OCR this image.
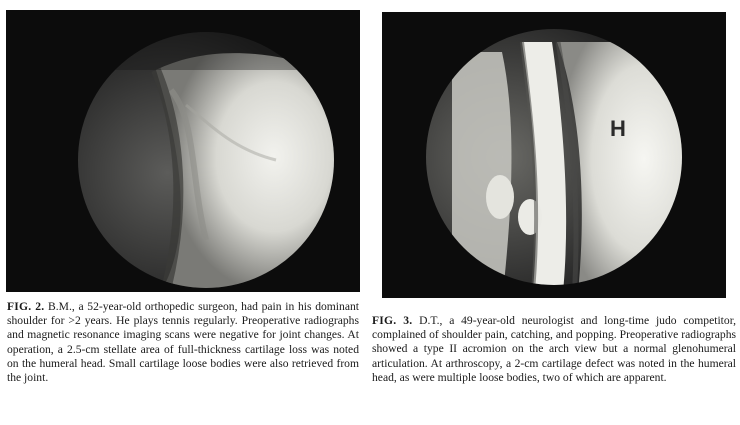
H

FIG. 2. B.M., a 52-year-old orthopedic surgeon, had pain in his dominant shoulder for >2 years. He plays tennis regularly. Preoperative radiographs and magnetic resonance imaging scans were negative for joint changes. At operation, a 2.5-cm stellate area of full-thickness cartilage loss was noted on the humeral head. Small cartilage loose bodies were also retrieved from the joint.

FIG. 3. D.T., a 49-year-old neurologist and long-time judo competitor, complained of shoulder pain, catching, and popping. Preoperative radiographs showed a type II acromion on the arch view but a normal glenohumeral articulation. At arthroscopy, a 2-cm cartilage defect was noted in the humeral head, as were multiple loose bodies, two of which are apparent.
